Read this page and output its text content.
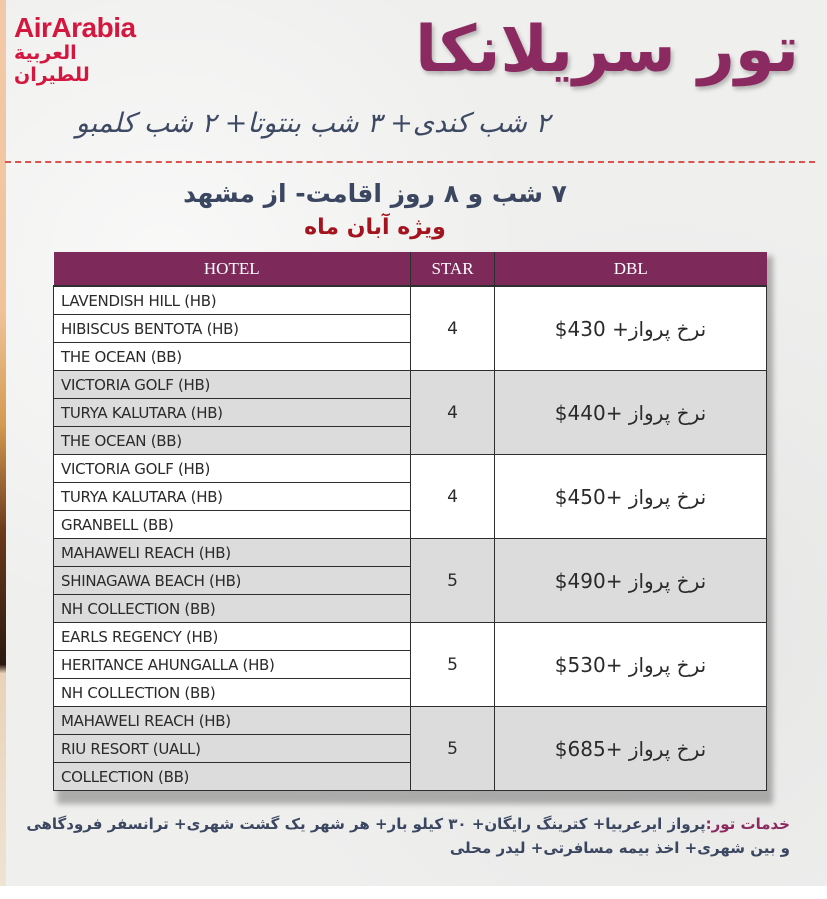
AirArabia
العربية للطيران	تور سریلانکا
۲ شب کندی+ ۳ شب بنتوتا+ ۲ شب کلمبو
۷ شب و ۸ روز اقامت- از مشهد
ویژه آبان ماه
HOTEL	STAR	DBL
LAVENDISH HILL (HB)	4	نرخ پرواز+ 430$
HIBISCUS BENTOTA (HB)		
THE OCEAN (BB)		
VICTORIA GOLF (HB)	4	نرخ پرواز +440$
TURYA KALUTARA (HB)		
THE OCEAN (BB)		
VICTORIA GOLF (HB)	4	نرخ پرواز +450$
TURYA KALUTARA (HB)		
GRANBELL (BB)		
MAHAWELI REACH (HB)	5	نرخ پرواز +490$
SHINAGAWA BEACH (HB)		
NH COLLECTION (BB)		
EARLS REGENCY (HB)	5	نرخ پرواز +530$
HERITANCE AHUNGALLA (HB)		
NH COLLECTION (BB)		
MAHAWELI REACH (HB)	5	نرخ پرواز +685$
RIU RESORT (UALL)		
COLLECTION (BB)		
خدمات تور:پرواز ایرعربیا+ کترینگ رایگان+ ۳۰ کیلو بار+ هر شهر یک گشت شهری+ ترانسفر فرودگاهی و بین شهری+ اخذ بیمه مسافرتی+ لیدر محلی
